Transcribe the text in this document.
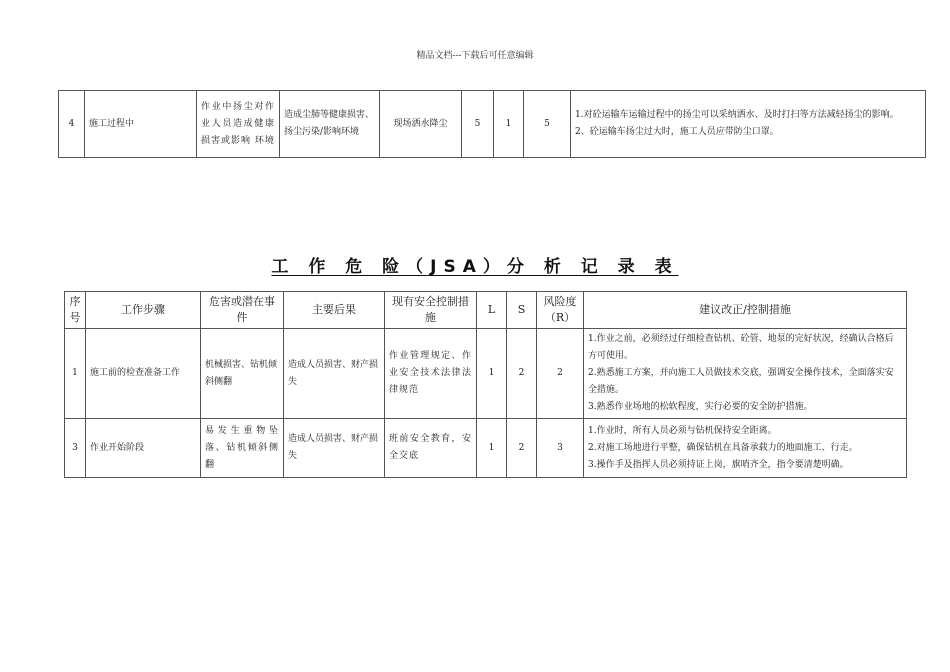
精品文档---下载后可任意编辑
4	施工过程中	作业中扬尘对作业人员造成健康损害或影响 环境	造成尘肺等健康损害、扬尘污染/影响环境	现场洒水降尘	5	1	5	
1.对砼运输车运输过程中的扬尘可以采纳洒水、及时打扫等方法减轻扬尘的影响。
2、砼运输车扬尘过大时，施工人员应带防尘口罩。
工 作 危 险（JSA）分 析 记 录 表
序号	工作步骤	危害或潜在事件	主要后果	现有安全控制措施	L	S	风险度（R）	建议改正/控制措施
1	施工前的检查准备工作	机械损害、钻机倾斜侧翻	造成人员损害、财产损失	作业管理规定、作业安全技术法律法律规范	1	2	2	1.作业之前，必须经过仔细检查钻机、砼管、地泵的完好状况，经确认合格后方可使用。
2.熟悉施工方案，并向施工人员做技术交底，强调安全操作技术，全面落实安全措施。
3.熟悉作业场地的松软程度，实行必要的安全防护措施。

3	作业开始阶段	易发生重物坠落、钻机倾斜侧翻	造成人员损害、财产损失	班前安全教育，安全交底	1	2	3	1.作业时，所有人员必须与钻机保持安全距离。
2.对施工场地进行平整，确保钻机在具备承载力的地面施工、行走。
3.操作手及指挥人员必须持证上岗，旗哨齐全，指令要清楚明确。
